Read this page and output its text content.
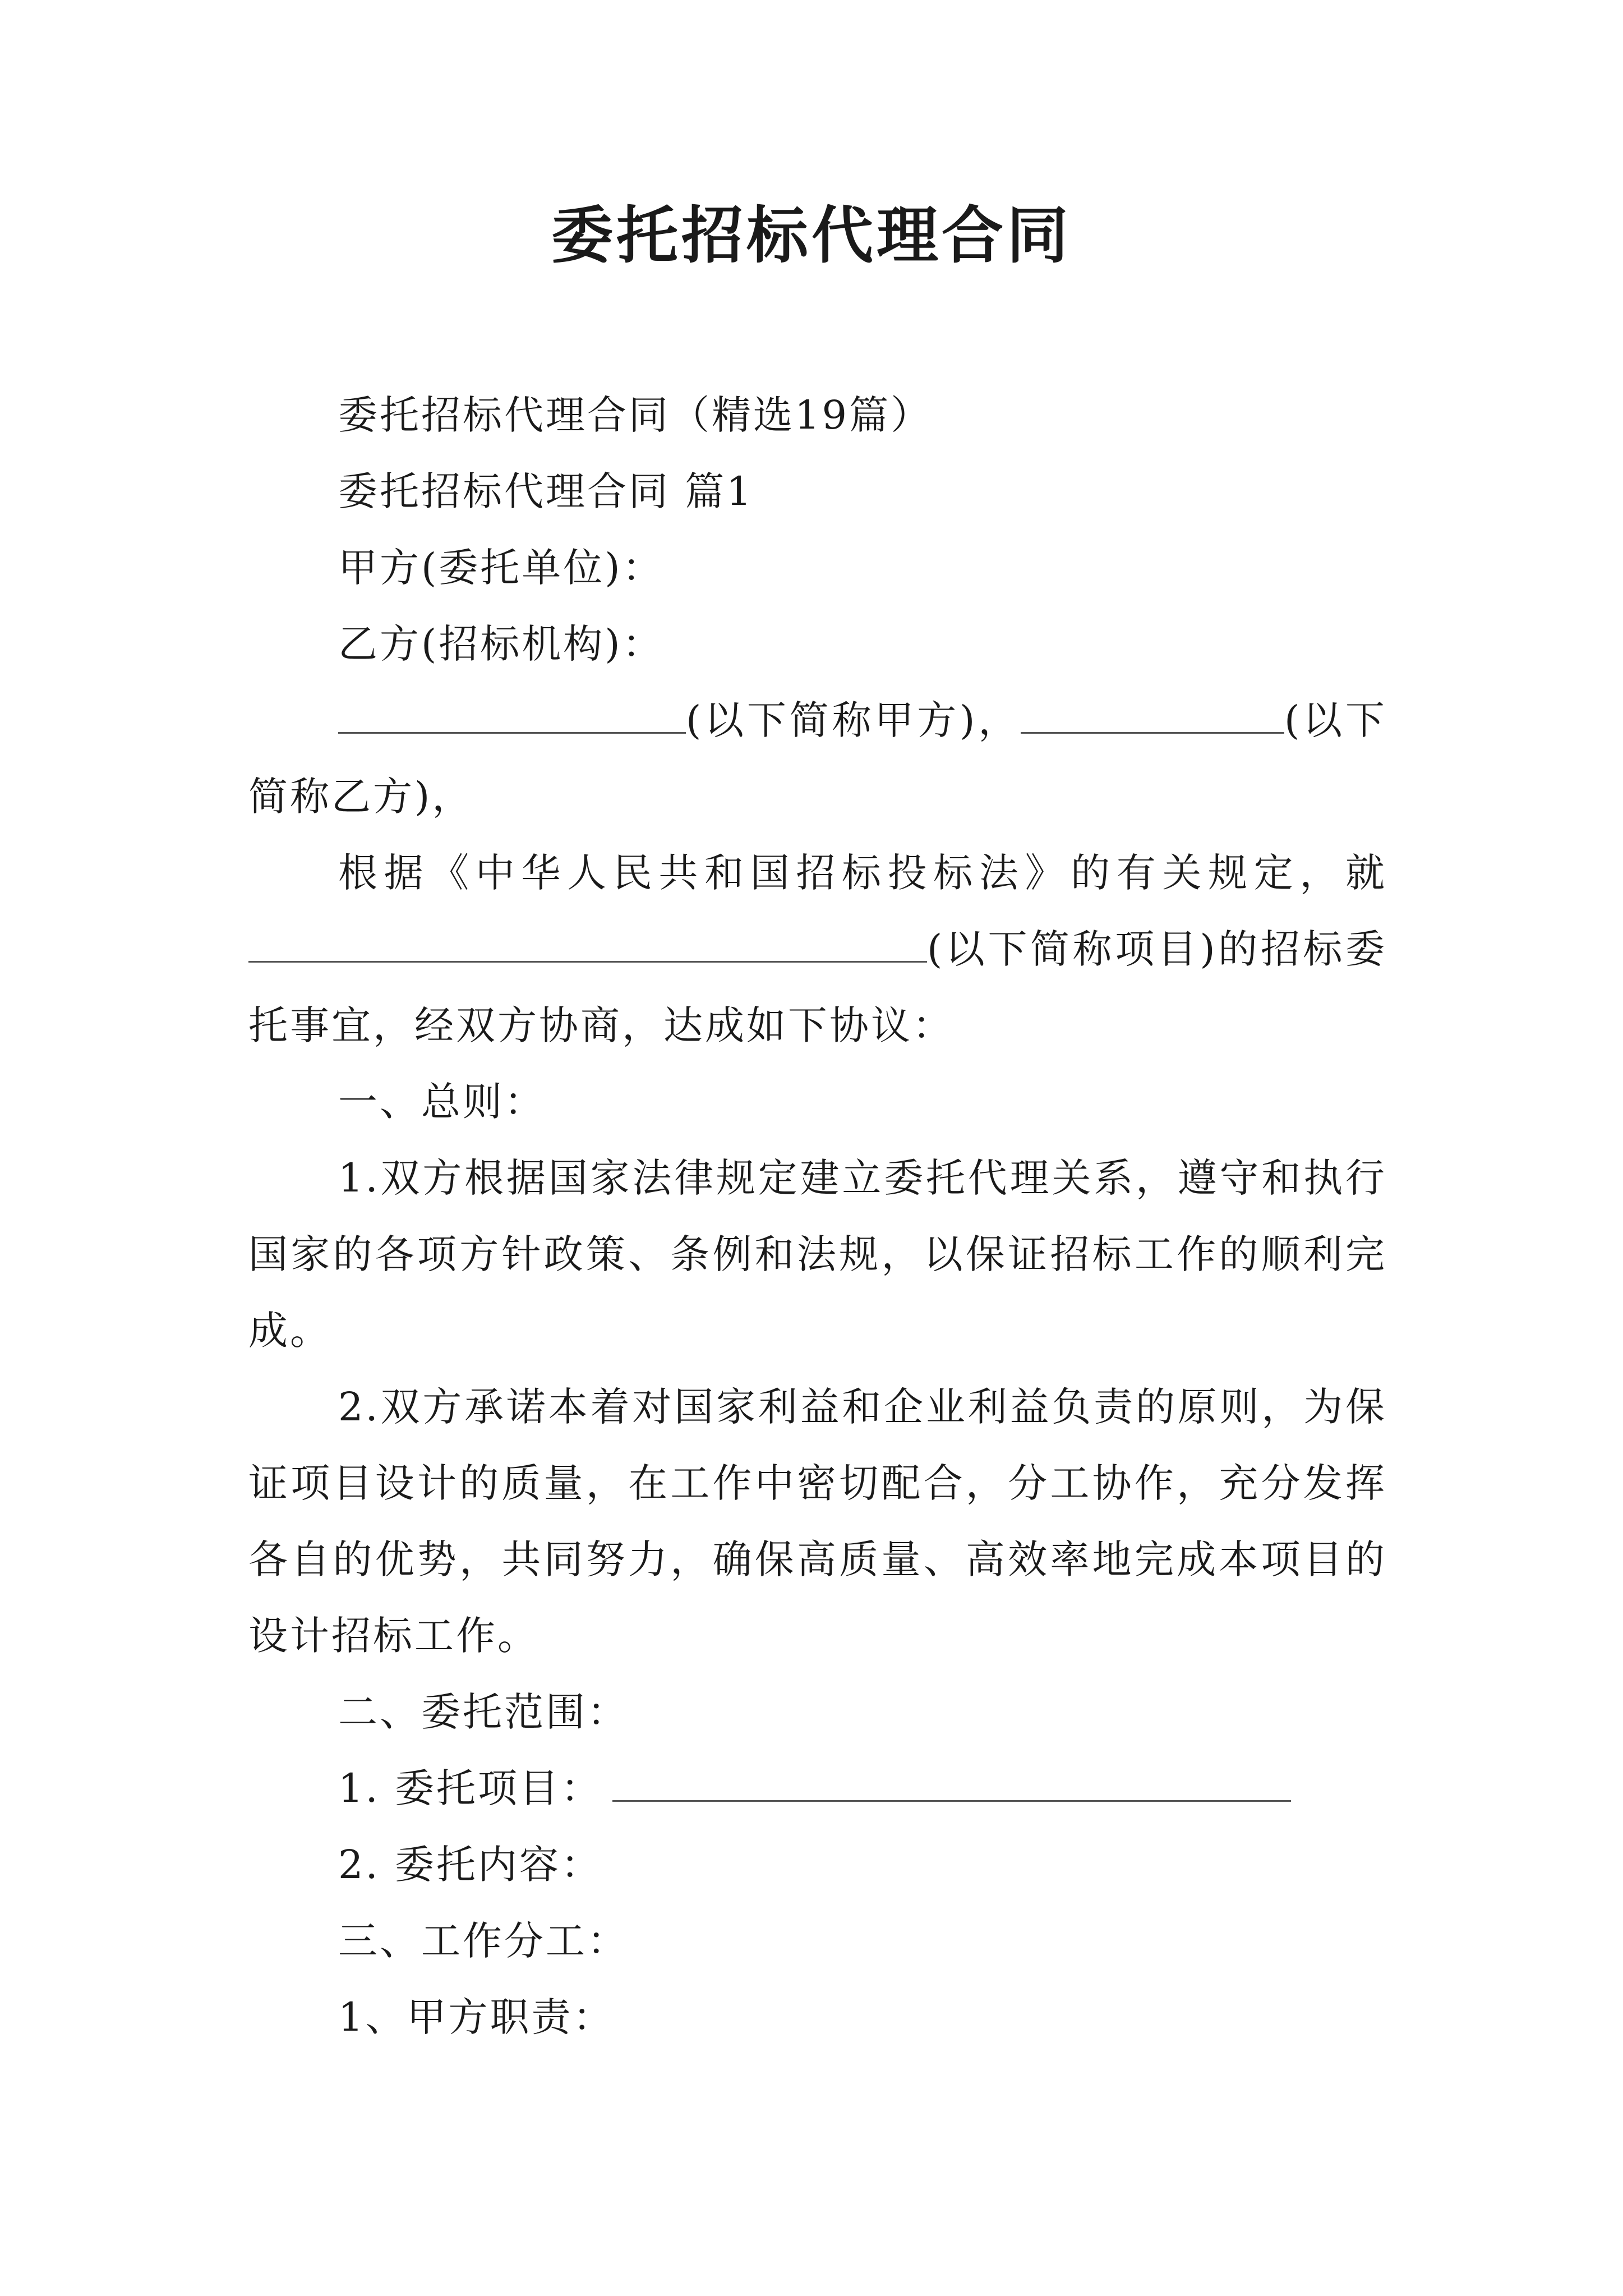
委托招标代理合同

委托招标代理合同（精选19篇）

委托招标代理合同 篇1

甲方(委托单位)：

乙方(招标机构)：

(以下简称甲方)，	(以下简称乙方)，

根据《中华人民共和国招标投标法》的有关规定，就(以下简称项目)的招标委托事宜，经双方协商，达成如下协议：

一、总则：

1.双方根据国家法律规定建立委托代理关系，遵守和执行国家的各项方针政策、条例和法规，以保证招标工作的顺利完成。

2.双方承诺本着对国家利益和企业利益负责的原则，为保证项目设计的质量，在工作中密切配合，分工协作，充分发挥各自的优势，共同努力，确保高质量、高效率地完成本项目的设计招标工作。

二、委托范围：

1. 委托项目：

2. 委托内容：

三、工作分工：

1、甲方职责：
